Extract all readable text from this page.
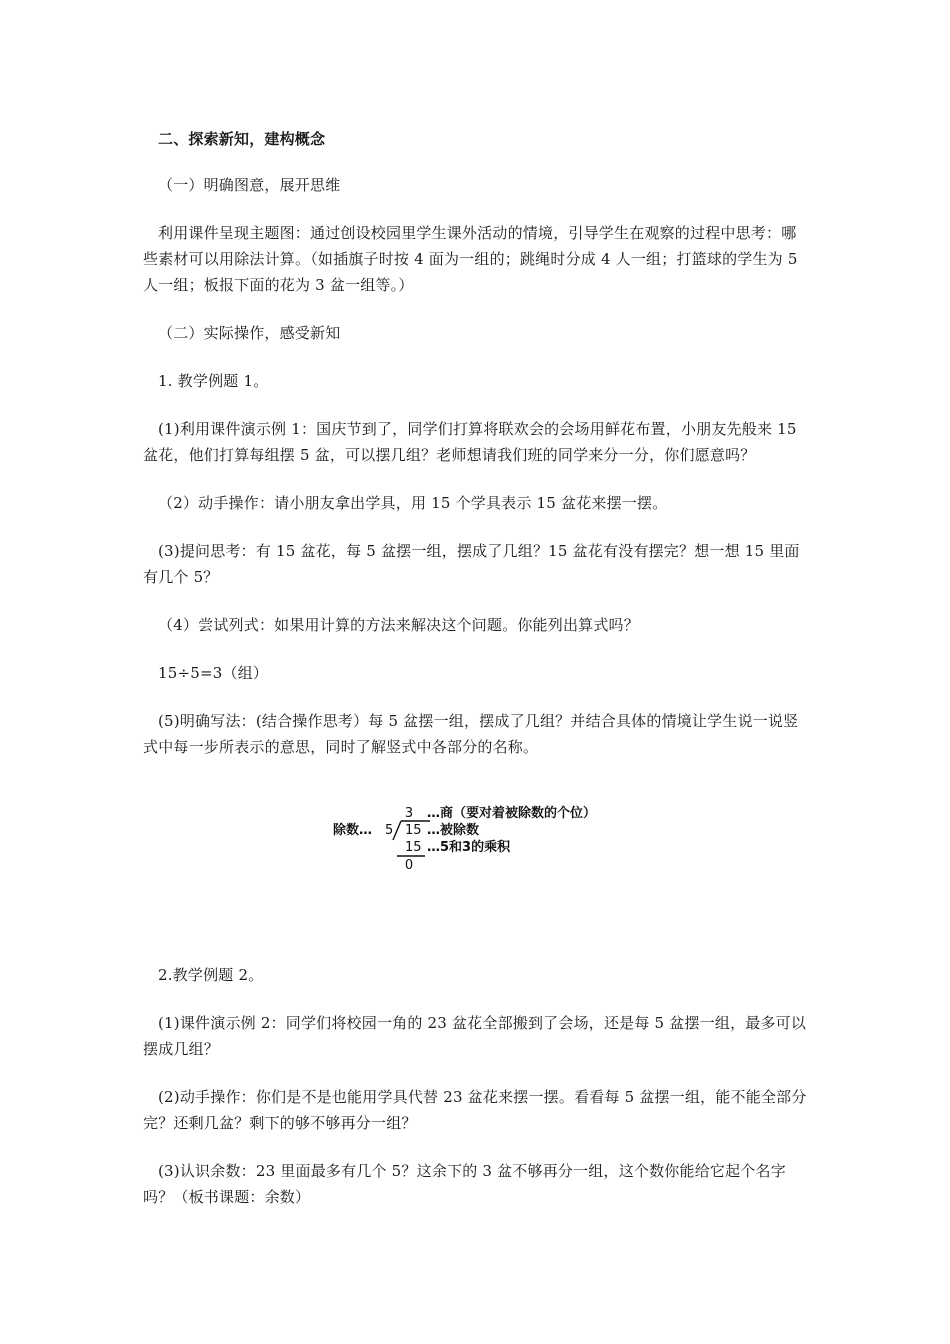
二、探索新知，建构概念

（一）明确图意，展开思维

利用课件呈现主题图：通过创设校园里学生课外活动的情境，引导学生在观察的过程中思考：哪些素材可以用除法计算。（如插旗子时按 4 面为一组的；跳绳时分成 4 人一组；打篮球的学生为 5 人一组；板报下面的花为 3 盆一组等。）

（二）实际操作，感受新知

1. 教学例题 1。

(1)利用课件演示例 1：国庆节到了，同学们打算将联欢会的会场用鲜花布置，小朋友先般来 15 盆花，他们打算每组摆 5 盆，可以摆几组？老师想请我们班的同学来分一分，你们愿意吗？

（2）动手操作：请小朋友拿出学具，用 15 个学具表示 15 盆花来摆一摆。

(3)提问思考：有 15 盆花，每 5 盆摆一组，摆成了几组？15 盆花有没有摆完？想一想 15 里面有几个 5？

（4）尝试列式：如果用计算的方法来解决这个问题。你能列出算式吗？

15÷5=3（组）

(5)明确写法：(结合操作思考）每 5 盆摆一组，摆成了几组？并结合具体的情境让学生说一说竖式中每一步所表示的意思，同时了解竖式中各部分的名称。

3 …商（要对着被除数的个位）
除数… 5 15 …被除数
15 …5和3的乘积
0

2.教学例题 2。

(1)课件演示例 2：同学们将校园一角的 23 盆花全部搬到了会场，还是每 5 盆摆一组，最多可以摆成几组？

(2)动手操作：你们是不是也能用学具代替 23 盆花来摆一摆。看看每 5 盆摆一组，能不能全部分完？还剩几盆？剩下的够不够再分一组？

(3)认识余数：23 里面最多有几个 5？这余下的 3 盆不够再分一组，这个数你能给它起个名字吗？（板书课题：余数）
